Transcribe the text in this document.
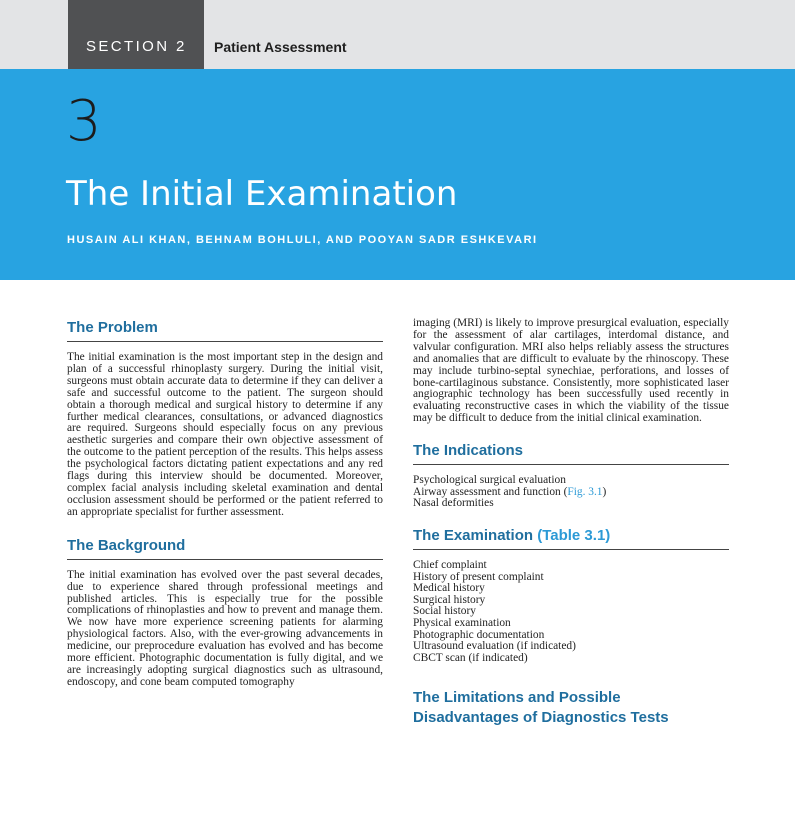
SECTION 2 Patient Assessment
3
The Initial Examination
HUSAIN ALI KHAN, BEHNAM BOHLULI, AND POOYAN SADR ESHKEVARI
The Problem

The initial examination is the most important step in the design and plan of a successful rhinoplasty surgery. During the initial visit, surgeons must obtain accurate data to determine if they can deliver a safe and successful outcome to the patient. The surgeon should obtain a thorough medical and surgical history to determine if any further medical clearances, consultations, or advanced diagnostics are required. Surgeons should especially focus on any previous aesthetic surgeries and compare their own objective assessment of the outcome to the patient perception of the results. This helps assess the psychological factors dictating patient expectations and any red flags during this interview should be documented. Moreover, complex facial analysis including skeletal examination and dental occlusion assessment should be performed or the patient referred to an appropriate specialist for further assessment.

The Background

The initial examination has evolved over the past several decades, due to experience shared through professional meetings and published articles. This is especially true for the possible complications of rhinoplasties and how to prevent and manage them. We now have more experience screening patients for alarming physiological factors. Also, with the ever-growing advancements in medicine, our preprocedure evaluation has evolved and has become more efficient. Photographic documentation is fully digital, and we are increasingly adopting surgical diagnostics such as ultrasound, endoscopy, and cone beam computed tomography

imaging (MRI) is likely to improve presurgical evaluation, especially for the assessment of alar cartilages, interdomal distance, and valvular configuration. MRI also helps reliably assess the structures and anomalies that are difficult to evaluate by the rhinoscopy. These may include turbino-septal synechiae, perforations, and losses of bone-cartilaginous substance. Consistently, more sophisticated laser angiographic technology has been successfully used recently in evaluating reconstructive cases in which the viability of the tissue may be difficult to deduce from the initial clinical examination.

The Indications
Psychological surgical evaluation
Airway assessment and function (Fig. 3.1)
Nasal deformities
The Examination (Table 3.1)
Chief complaint
History of present complaint
Medical history
Surgical history
Social history
Physical examination
Photographic documentation
Ultrasound evaluation (if indicated)
CBCT scan (if indicated)
The Limitations and Possible Disadvantages of Diagnostics Tests
